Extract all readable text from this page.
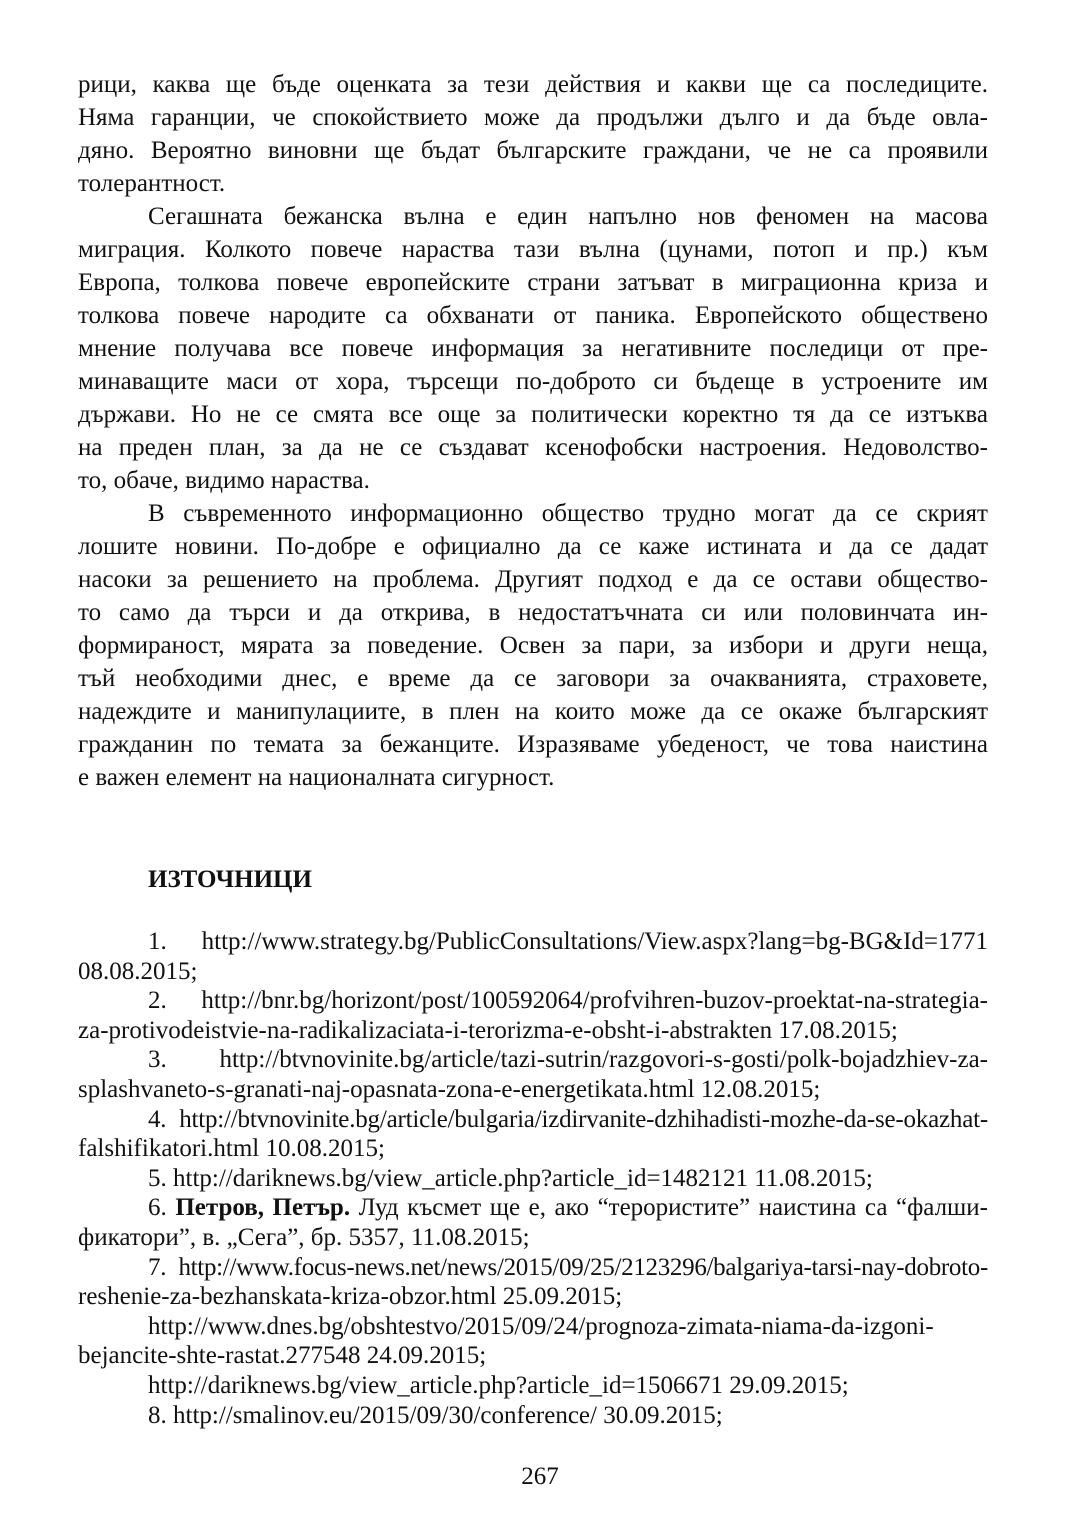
рици, каква ще бъде оценката за тези действия и какви ще са последиците.
Няма гаранции, че спокойствието може да продължи дълго и да бъде овла-
дяно. Вероятно виновни ще бъдат българските граждани, че не са проявили
толерантност.
Сегашната бежанска вълна е един напълно нов феномен на масова
миграция. Колкото повече нараства тази вълна (цунами, потоп и пр.) към
Европа, толкова повече европейските страни затъват в миграционна криза и
толкова повече народите са обхванати от паника. Европейското обществено
мнение получава все повече информация за негативните последици от пре-
минаващите маси от хора, търсещи по-доброто си бъдеще в устроените им
държави. Но не се смята все още за политически коректно тя да се изтъква
на преден план, за да не се създават ксенофобски настроения. Недоволство-
то, обаче, видимо нараства.
В съвременното информационно общество трудно могат да се скрият
лошите новини. По-добре е официално да се каже истината и да се дадат
насоки за решението на проблема. Другият подход е да се остави общество-
то само да търси и да открива, в недостатъчната си или половинчата ин-
формираност, мярата за поведение. Освен за пари, за избори и други неща,
тъй необходими днес, е време да се заговори за очакванията, страховете,
надеждите и манипулациите, в плен на които може да се окаже българският
гражданин по темата за бежанците. Изразяваме убеденост, че това наистина
е важен елемент на националната сигурност.
ИЗТОЧНИЦИ
1. http://www.strategy.bg/PublicConsultations/View.aspx?lang=bg-BG&Id=1771
08.08.2015;
2. http://bnr.bg/horizont/post/100592064/profvihren-buzov-proektat-na-strategia-
za-protivodeistvie-na-radikalizaciata-i-terorizma-e-obsht-i-abstrakten 17.08.2015;
3. http://btvnovinite.bg/article/tazi-sutrin/razgovori-s-gosti/polk-bojadzhiev-za-
splashvaneto-s-granati-naj-opasnata-zona-e-energetikata.html 12.08.2015;
4. http://btvnovinite.bg/article/bulgaria/izdirvanite-dzhihadisti-mozhe-da-se-okazhat-
falshifikatori.html 10.08.2015;
5. http://dariknews.bg/view_article.php?article_id=1482121 11.08.2015;
6. Петров, Петър. Луд късмет ще е, ако “терористите” наистина са “фалши-
фикатори”, в. „Сега”, бр. 5357, 11.08.2015;
7. http://www.focus-news.net/news/2015/09/25/2123296/balgariya-tarsi-nay-dobroto-
reshenie-za-bezhanskata-kriza-obzor.html 25.09.2015;
http://www.dnes.bg/obshtestvo/2015/09/24/prognoza-zimata-niama-da-izgoni-
bejancite-shte-rastat.277548 24.09.2015;
http://dariknews.bg/view_article.php?article_id=1506671 29.09.2015;
8. http://smalinov.eu/2015/09/30/conference/ 30.09.2015;
267
